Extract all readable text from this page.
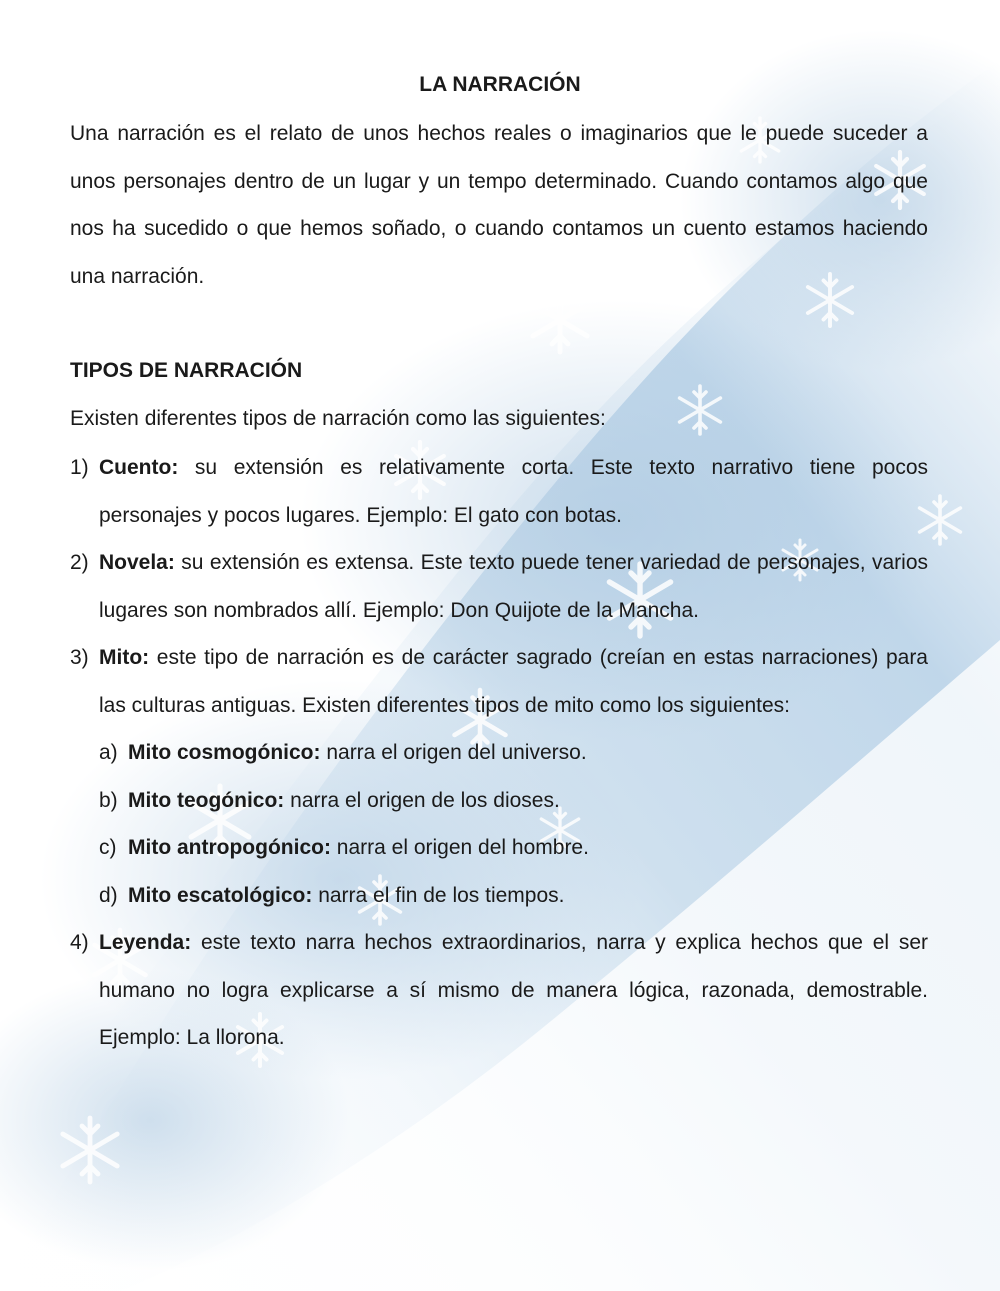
LA NARRACIÓN

Una narración es el relato de unos hechos reales o imaginarios que le puede suceder a unos personajes dentro de un lugar y un tempo determinado. Cuando contamos algo que nos ha sucedido o que hemos soñado, o cuando contamos un cuento estamos haciendo una narración.

TIPOS DE NARRACIÓN
Existen diferentes tipos de narración como las siguientes:
1) Cuento: su extensión es relativamente corta. Este texto narrativo tiene pocos personajes y pocos lugares. Ejemplo: El gato con botas.
2) Novela: su extensión es extensa. Este texto puede tener variedad de personajes, varios lugares son nombrados allí. Ejemplo: Don Quijote de la Mancha.
3) Mito: este tipo de narración es de carácter sagrado (creían en estas narraciones) para las culturas antiguas. Existen diferentes tipos de mito como los siguientes:
a) Mito cosmogónico: narra el origen del universo.
b) Mito teogónico: narra el origen de los dioses.
c) Mito antropogónico: narra el origen del hombre.
d) Mito escatológico: narra el fin de los tiempos.
4) Leyenda: este texto narra hechos extraordinarios, narra y explica hechos que el ser humano no logra explicarse a sí mismo de manera lógica, razonada, demostrable. Ejemplo: La llorona.
